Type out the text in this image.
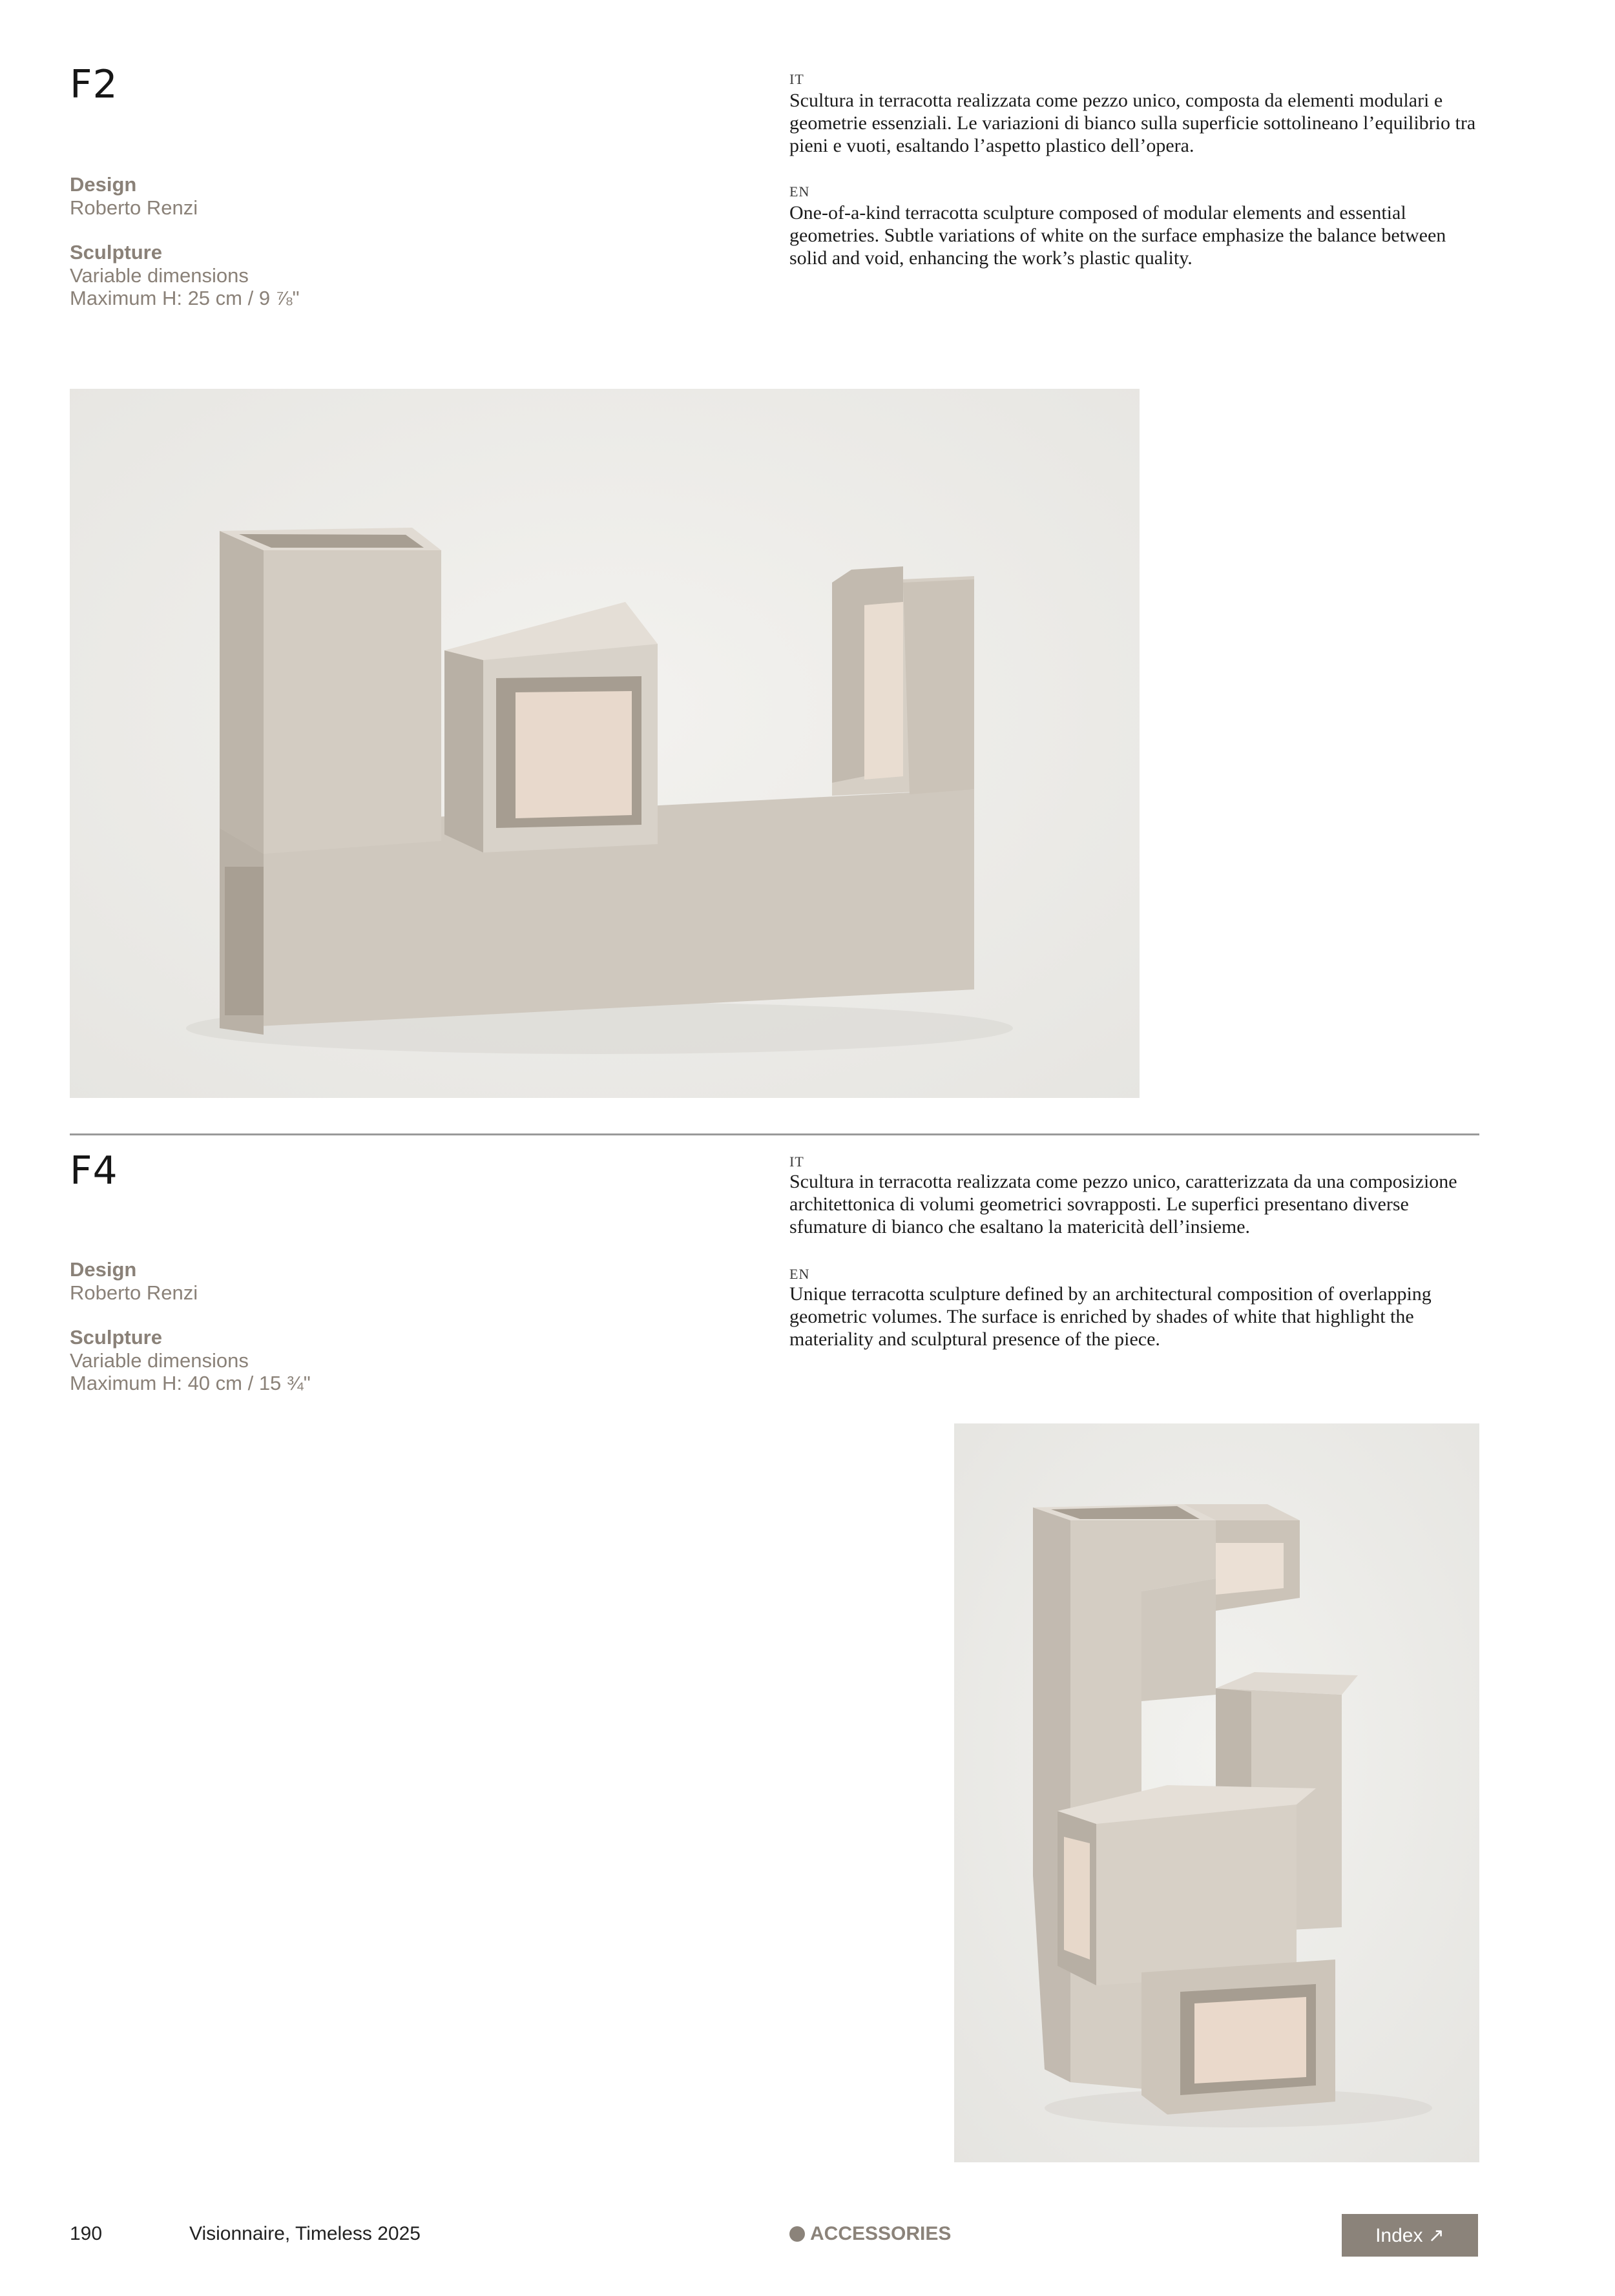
F2
Design
Roberto Renzi
Sculpture
Variable dimensions
Maximum H: 25 cm / 9 ⅞"
IT
Scultura in terracotta realizzata come pezzo unico, composta da elementi modulari e geometrie essenziali. Le variazioni di bianco sulla superficie sottolineano l’equilibrio tra pieni e vuoti, esaltando l’aspetto plastico dell’opera.
EN
One-of-a-kind terracotta sculpture composed of modular elements and essential geometries. Subtle variations of white on the surface emphasize the balance between solid and void, enhancing the work’s plastic quality.
F4
Design
Roberto Renzi
Sculpture
Variable dimensions
Maximum H: 40 cm / 15 ¾"
IT
Scultura in terracotta realizzata come pezzo unico, caratterizzata da una composizione architettonica di volumi geometrici sovrapposti. Le superfici presentano diverse sfumature di bianco che esaltano la matericità dell’insieme.
EN
Unique terracotta sculpture defined by an architectural composition of overlapping geometric volumes. The surface is enriched by shades of white that highlight the materiality and sculptural presence of the piece.
190	Visionnaire, Timeless 2025	ACCESSORIES	Index ↗
